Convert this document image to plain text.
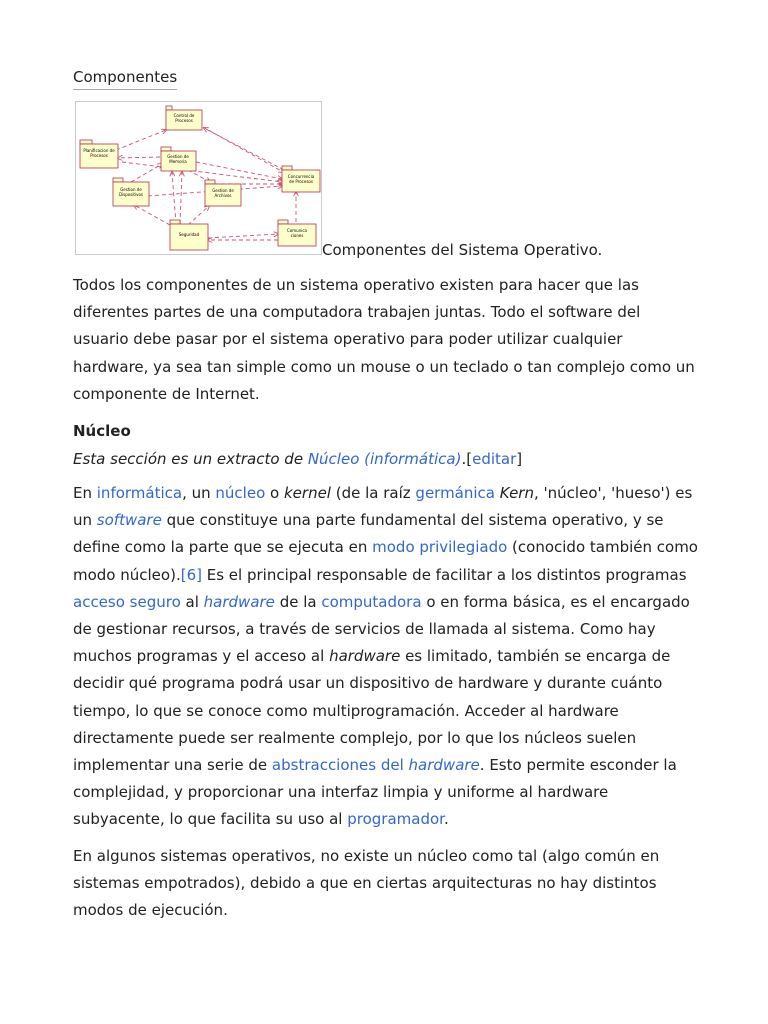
Componentes
Control de
Procesos
Planificacion de
Procesos	Gestion de
Memoria
Concurrencia
de Procesos
Gestion de
Dispositivos
Gestion de
Archivos
Seguridad
Comunica
ciones
Componentes del Sistema Operativo.

Todos los componentes de un sistema operativo existen para hacer que las diferentes partes de una computadora trabajen juntas. Todo el software del usuario debe pasar por el sistema operativo para poder utilizar cualquier hardware, ya sea tan simple como un mouse o un teclado o tan complejo como un componente de Internet.

Núcleo
Esta sección es un extracto de Núcleo (informática).[editar]

En informática, un núcleo o kernel (de la raíz germánica Kern, 'núcleo', 'hueso') es un software que constituye una parte fundamental del sistema operativo, y se define como la parte que se ejecuta en modo privilegiado (conocido también como modo núcleo).[6] Es el principal responsable de facilitar a los distintos programas acceso seguro al hardware de la computadora o en forma básica, es el encargado de gestionar recursos, a través de servicios de llamada al sistema. Como hay muchos programas y el acceso al hardware es limitado, también se encarga de decidir qué programa podrá usar un dispositivo de hardware y durante cuánto tiempo, lo que se conoce como multiprogramación. Acceder al hardware directamente puede ser realmente complejo, por lo que los núcleos suelen implementar una serie de abstracciones del hardware. Esto permite esconder la complejidad, y proporcionar una interfaz limpia y uniforme al hardware subyacente, lo que facilita su uso al programador.

En algunos sistemas operativos, no existe un núcleo como tal (algo común en sistemas empotrados), debido a que en ciertas arquitecturas no hay distintos modos de ejecución.
